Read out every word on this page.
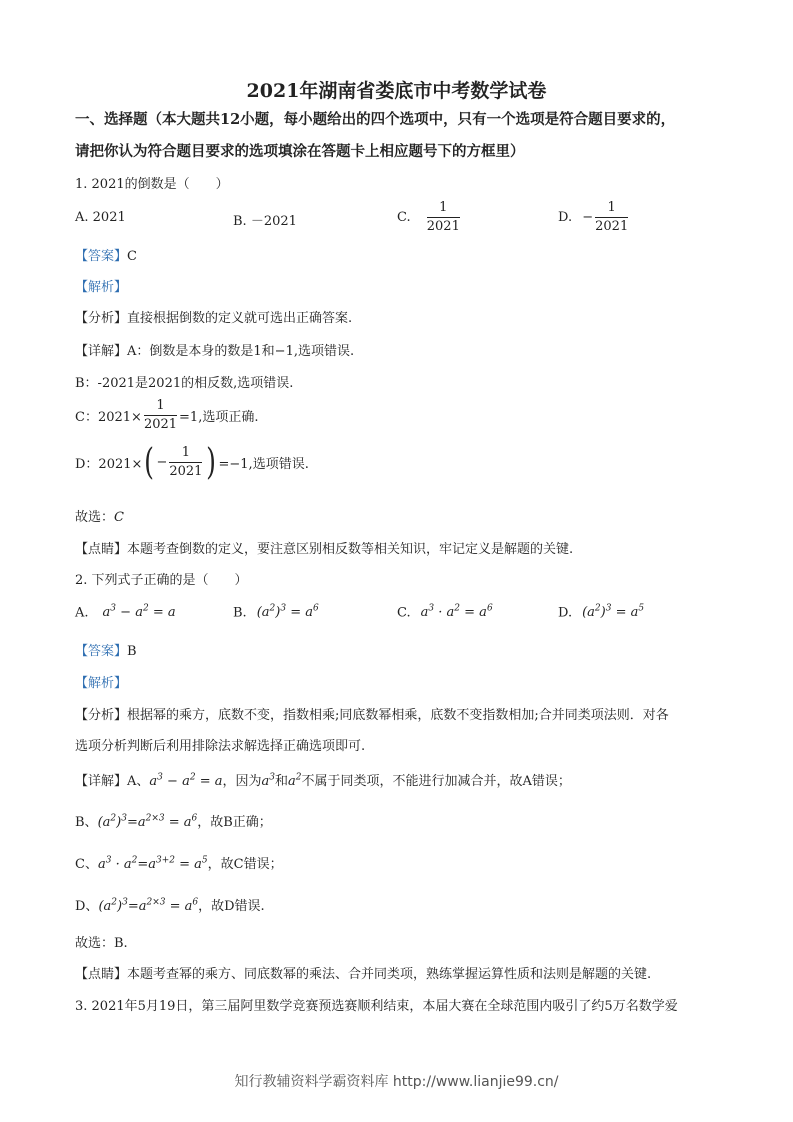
2021年湖南省娄底市中考数学试卷
一、选择题（本大题共12小题，每小题给出的四个选项中，只有一个选项是符合题目要求的，
请把你认为符合题目要求的选项填涂在答题卡上相应题号下的方框里）
1. 2021的倒数是（　　）
A. 2021	B. －2021	C. $\frac{1}{2021}$	D. − $\frac{1}{2021}$
【答案】C
【解析】
【分析】直接根据倒数的定义就可选出正确答案.
【详解】A：倒数是本身的数是1和−1,选项错误.
B：-2021是2021的相反数,选项错误.
C：$2021\times \frac{1}{2021} =1$,选项正确.
D：$2021\times( - \frac{1}{2021}$ ) =−1,选项错误.
故选：C
【点睛】本题考查倒数的定义，要注意区别相反数等相关知识，牢记定义是解题的关键.
2. 下列式子正确的是（　　）
A. $a^3 - a^2 = a$	B. $(a^2)^3 = a^6$	C. $a^3 \cdot a^2 = a^6$	D. $(a^2)^3 = a^5$
【答案】B
【解析】
【分析】根据幂的乘方，底数不变，指数相乘;同底数幂相乘，底数不变指数相加;合并同类项法则．对各
选项分析判断后利用排除法求解选择正确选项即可.
【详解】A、$a^3 - a^2 = a$，因为$a^3$和$a^2$不属于同类项，不能进行加减合并，故A错误；
B、$(a^2)^3=a^{2\times 3} = a^6$，故B正确；
C、$a^3 \cdot a^2=a^{3+2} = a^5$，故C错误；
D、$(a^2)^3=a^{2\times 3} = a^6$，故D错误.
故选：B.
【点睛】本题考查幂的乘方、同底数幂的乘法、合并同类项，熟练掌握运算性质和法则是解题的关键.
3. 2021年5月19日，第三届阿里数学竞赛预选赛顺利结束，本届大赛在全球范围内吸引了约5万名数学爱
知行教辅资料学霸资料库 http://www.lianjie99.cn/
